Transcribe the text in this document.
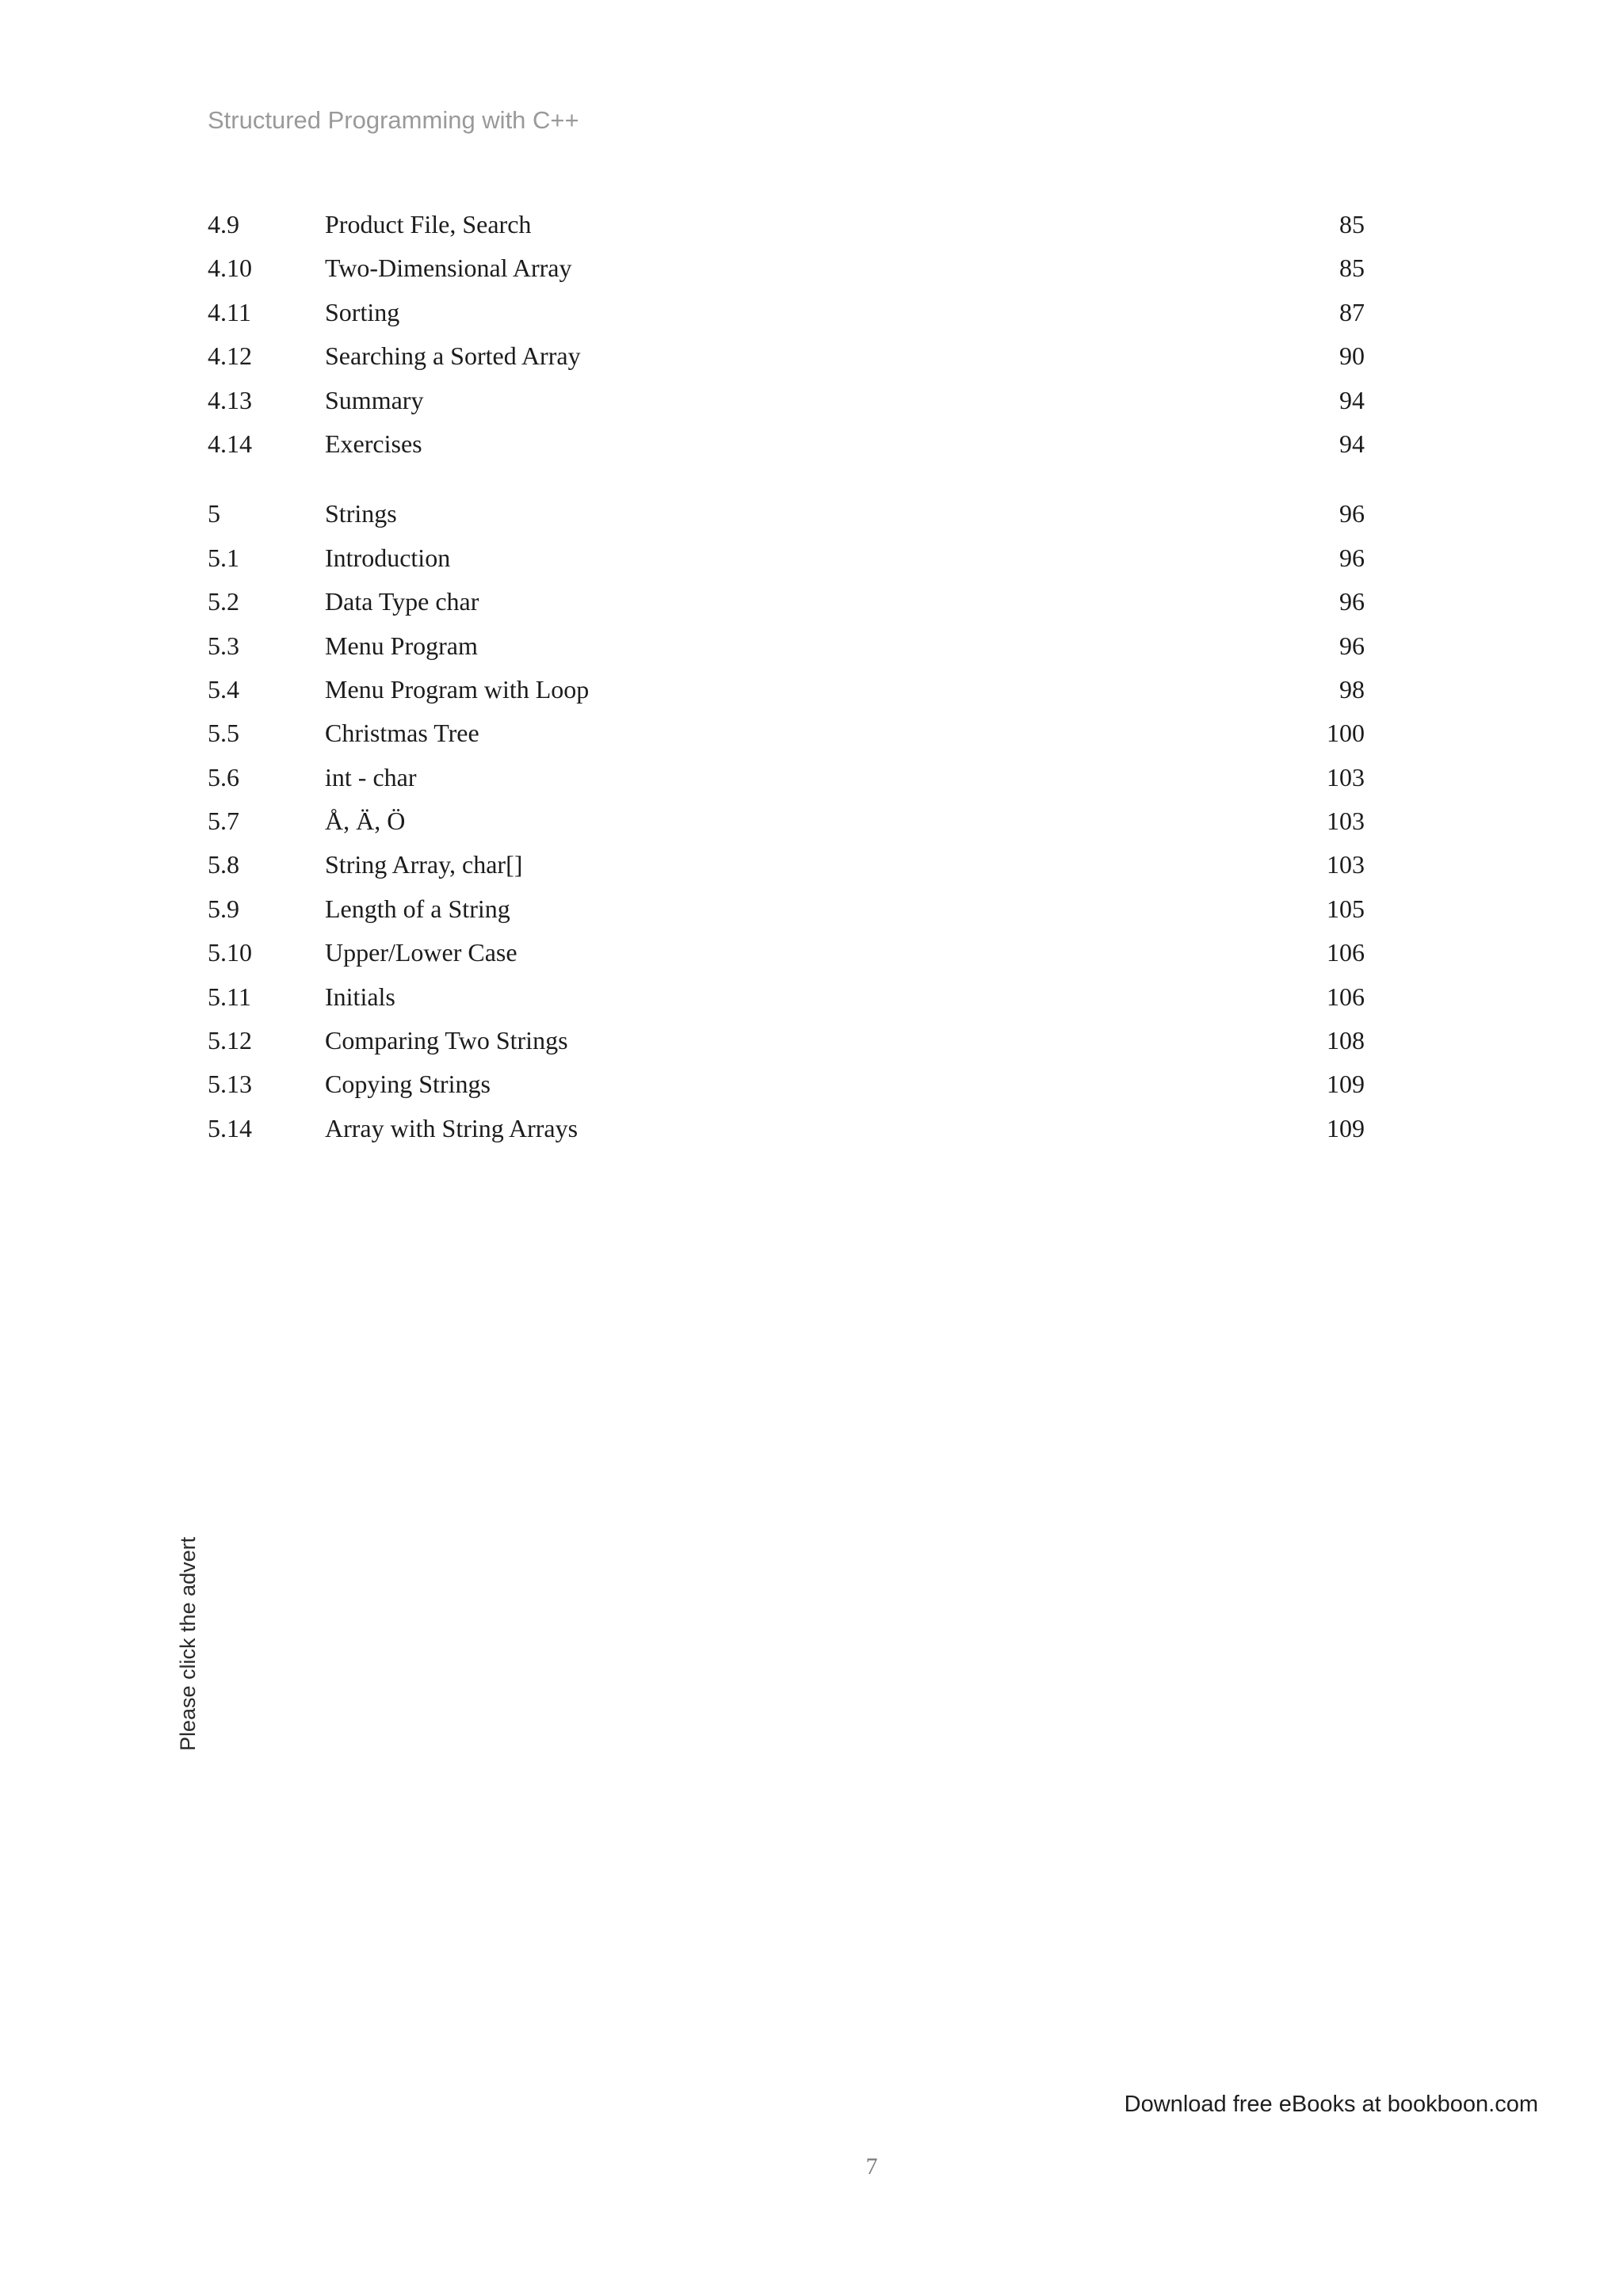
Structured Programming with C++
4.9	Product File, Search	85
4.10	Two-Dimensional Array	85
4.11	Sorting	87
4.12	Searching a Sorted Array	90
4.13	Summary	94
4.14	Exercises	94
5	Strings	96
5.1	Introduction	96
5.2	Data Type char	96
5.3	Menu Program	96
5.4	Menu Program with Loop	98
5.5	Christmas Tree	100
5.6	int - char	103
5.7	Å, Ä, Ö	103
5.8	String Array, char[]	103
5.9	Length of a String	105
5.10	Upper/Lower Case	106
5.11	Initials	106
5.12	Comparing Two Strings	108
5.13	Copying Strings	109
5.14	Array with String Arrays	109
Please click the advert
Download free eBooks at bookboon.com
7
